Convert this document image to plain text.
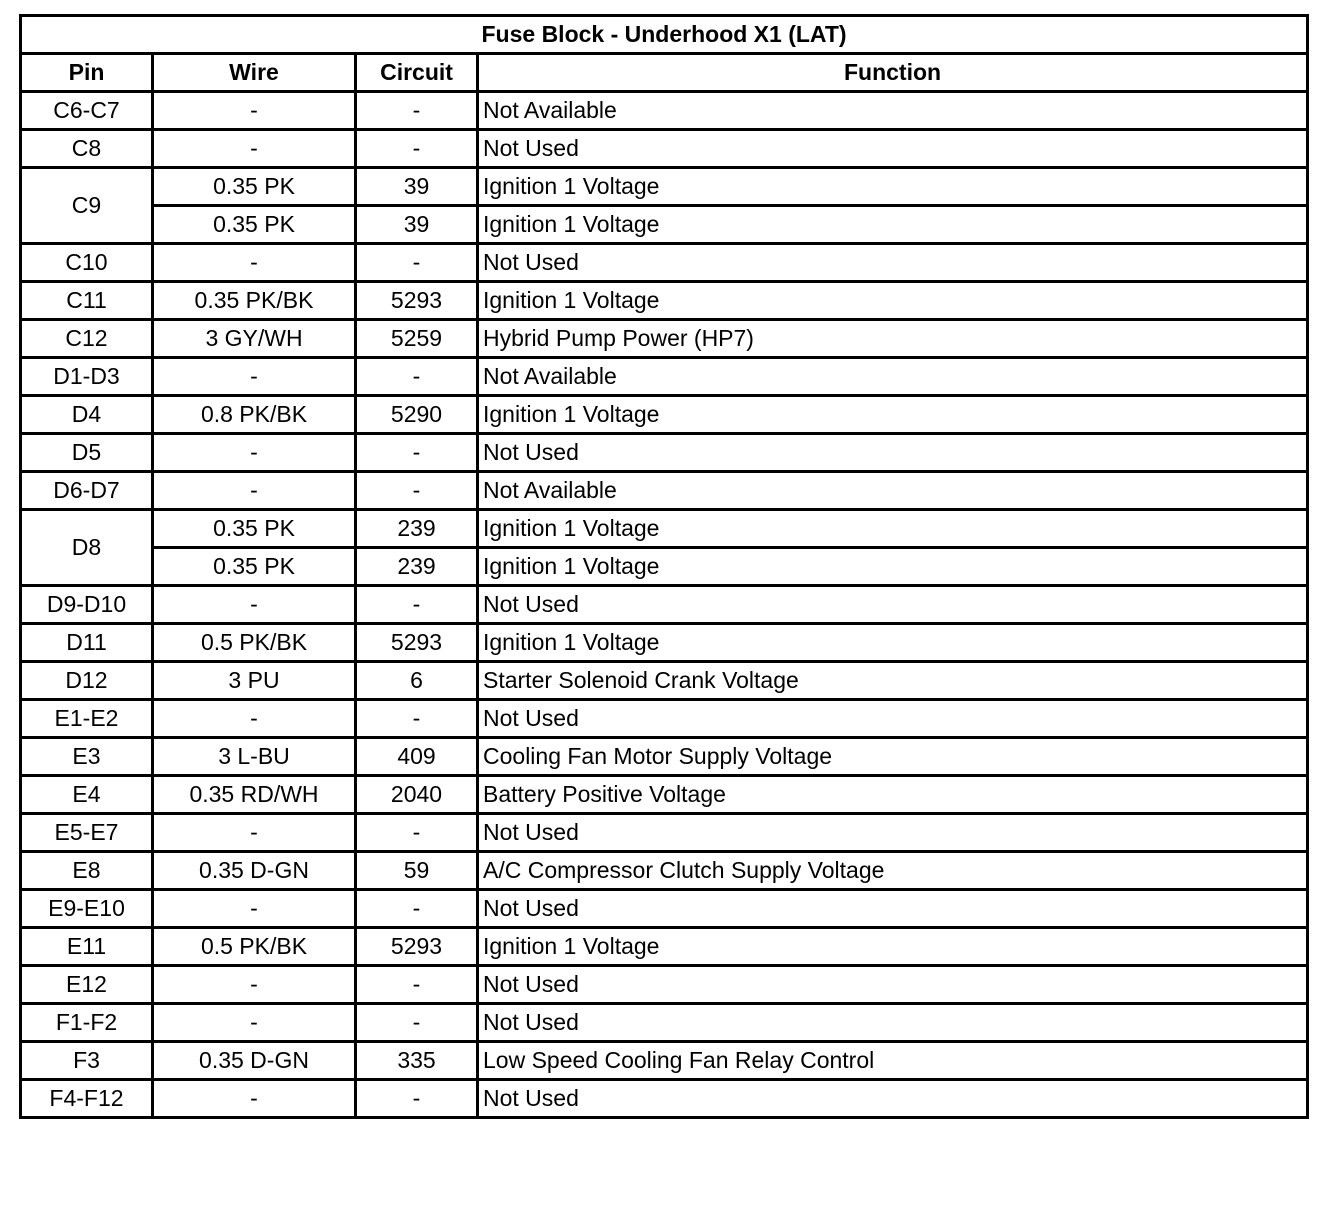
Fuse Block - Underhood X1 (LAT)			
Pin	Wire	Circuit	Function
C6-C7	-	-	Not Available
C8	-	-	Not Used
C9	0.35 PK	39	Ignition 1 Voltage
	0.35 PK	39	Ignition 1 Voltage
C10	-	-	Not Used
C11	0.35 PK/BK	5293	Ignition 1 Voltage
C12	3 GY/WH	5259	Hybrid Pump Power (HP7)
D1-D3	-	-	Not Available
D4	0.8 PK/BK	5290	Ignition 1 Voltage
D5	-	-	Not Used
D6-D7	-	-	Not Available
D8	0.35 PK	239	Ignition 1 Voltage
	0.35 PK	239	Ignition 1 Voltage
D9-D10	-	-	Not Used
D11	0.5 PK/BK	5293	Ignition 1 Voltage
D12	3 PU	6	Starter Solenoid Crank Voltage
E1-E2	-	-	Not Used
E3	3 L-BU	409	Cooling Fan Motor Supply Voltage
E4	0.35 RD/WH	2040	Battery Positive Voltage
E5-E7	-	-	Not Used
E8	0.35 D-GN	59	A/C Compressor Clutch Supply Voltage
E9-E10	-	-	Not Used
E11	0.5 PK/BK	5293	Ignition 1 Voltage
E12	-	-	Not Used
F1-F2	-	-	Not Used
F3	0.35 D-GN	335	Low Speed Cooling Fan Relay Control
F4-F12	-	-	Not Used
